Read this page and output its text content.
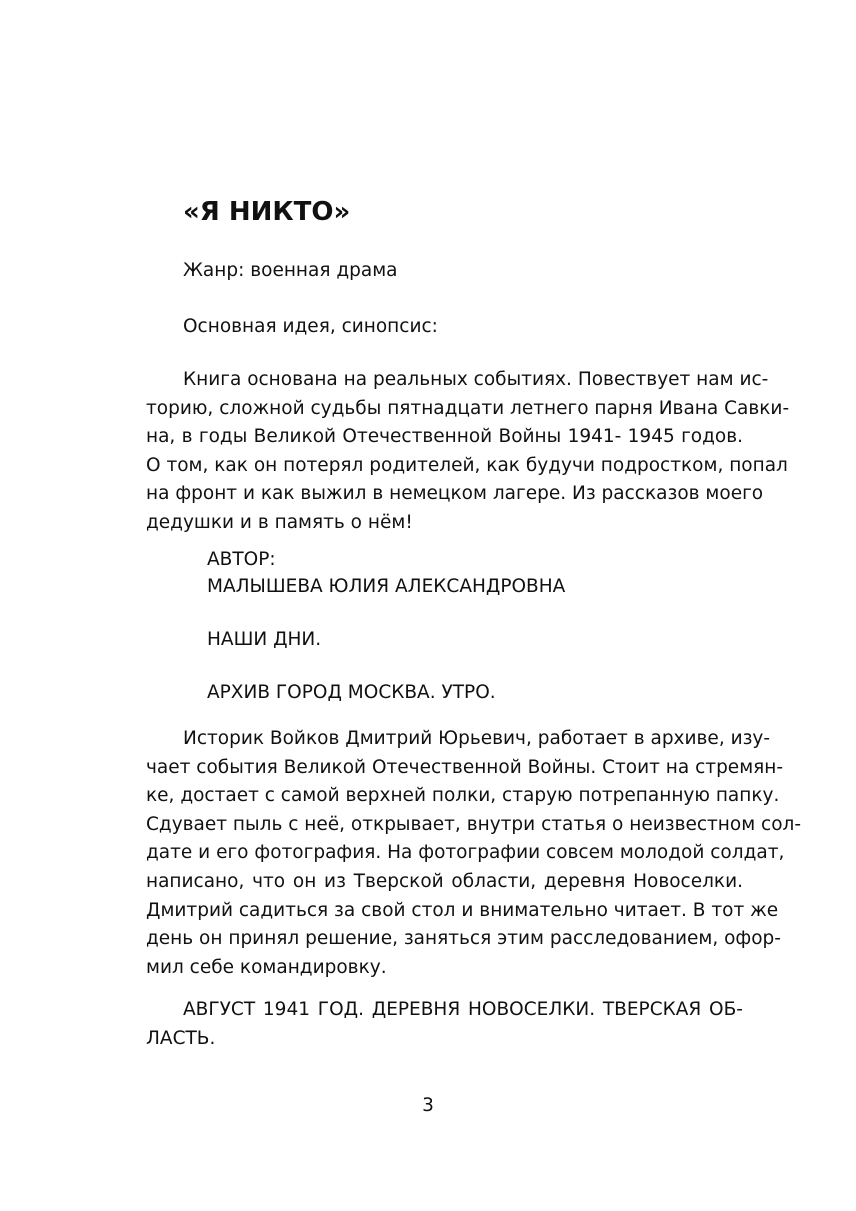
«Я НИКТО»
Жанр: военная драма
Основная идея, синопсис:

Книга основана на реальных событиях. Повествует нам ис-

торию, сложной судьбы пятнадцати летнего парня Ивана Савки-

на, в годы Великой Отечественной Войны 1941- 1945 годов.

О том, как он потерял родителей, как будучи подростком, попал

на фронт и как выжил в немецком лагере. Из рассказов моего

дедушки и в память о нём!

АВТОР:
МАЛЫШЕВА ЮЛИЯ АЛЕКСАНДРОВНА
НАШИ ДНИ.
АРХИВ ГОРОД МОСКВА. УТРО.

Историк Войков Дмитрий Юрьевич, работает в архиве, изу-

чает события Великой Отечественной Войны. Стоит на стремян-

ке, достает с самой верхней полки, старую потрепанную папку.

Сдувает пыль с неё, открывает, внутри статья о неизвестном сол-

дате и его фотография. На фотографии совсем молодой солдат,

написано, что он из Тверской области, деревня Новоселки.

Дмитрий садиться за свой стол и внимательно читает. В тот же

день он принял решение, заняться этим расследованием, офор-

мил себе командировку.

АВГУСТ 1941 ГОД. ДЕРЕВНЯ НОВОСЕЛКИ. ТВЕРСКАЯ ОБ-

ЛАСТЬ.

3
